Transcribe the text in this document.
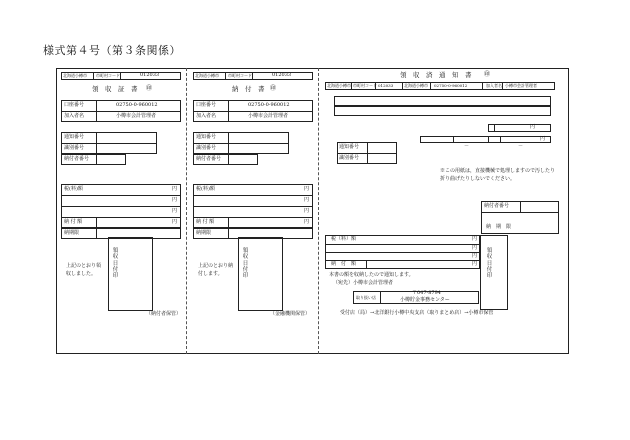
様式第４号（第３条関係）
北海道小樽市 市町村コード	012033
領　収　証　書 ㊞
口座番号	02750-0-960012
加入者名	小樽市会計管理者
通知番号
識別番号
納付者番号
税(料)額	円
円
円
納 付 額	円
納期限
上記のとおり領収しました。
領収日付印
（納付者保管）
北海道小樽市 市町村コード	012033
納　付　書 ㊞
口座番号	02750-0-960012
加入者名	小樽市会計管理者
通知番号
識別番号
納付者番号
税(料)額	円
円
円
納 付 額	円
納期限
上記のとおり納付します。
領収日付印
（金融機関保管）
領　収　済　通　知　書 ㊞
北海道小樽市 市町村コード 012033	北海道小樽市 02750-0-960012	加入者名 小樽市会計管理者
円
円
－	－
通知番号
識別番号
※この用紙は，直接機械で処理しますので汚したり折り曲げたりしないでください。
納付者番号
納　期　限
税（料）額	円
円
円
納　付　額	円
領収日付印
本書の額を収納したので通知します。
（宛先）小樽市会計管理者
取り扱い店
〒047-8794
小樽貯金事務センター
受付店（局）→北洋銀行小樽中央支店（取りまとめ店）→小樽市保管
